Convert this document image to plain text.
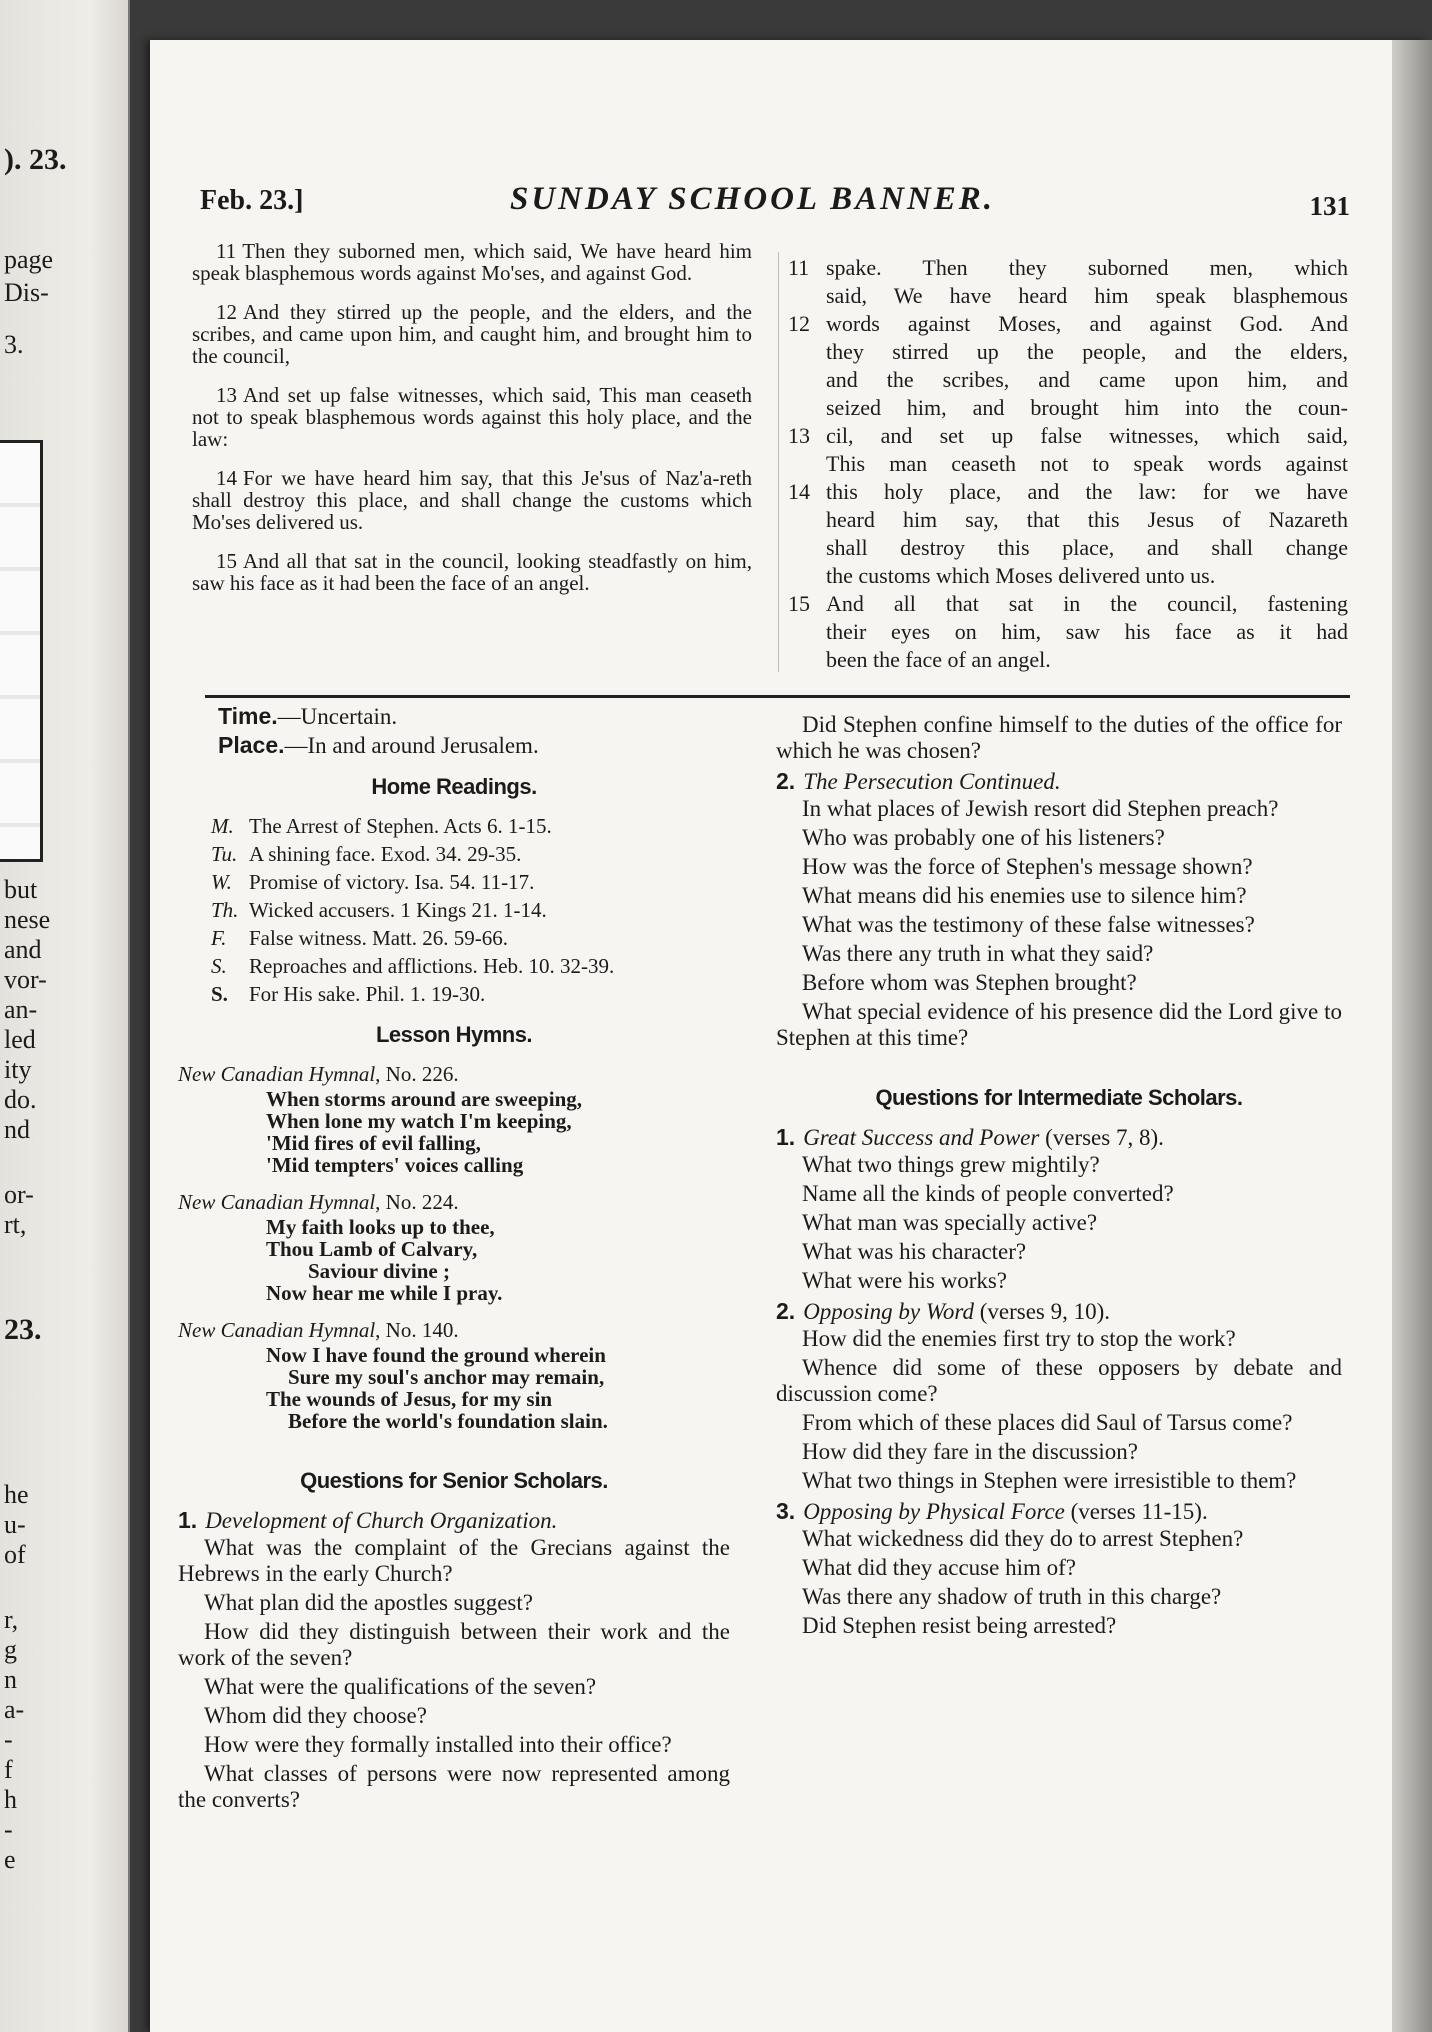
). 23.
page
Dis-
3.
but
nese
and
vor-
an-
led
ity
do.
nd
or-
rt,
23.
he
u-
of
r,
g
n
a-
-
f
h
-
e
Feb. 23.]	SUNDAY SCHOOL BANNER.	131

11 Then they suborned men, which said, We have heard him speak blasphemous words against Mo'ses, and against God.

12 And they stirred up the people, and the elders, and the scribes, and came upon him, and caught him, and brought him to the council,

13 And set up false witnesses, which said, This man ceaseth not to speak blasphemous words against this holy place, and the law:

14 For we have heard him say, that this Je'sus of Naz'a-reth shall destroy this place, and shall change the customs which Mo'ses delivered us.

15 And all that sat in the council, looking steadfastly on him, saw his face as it had been the face of an angel.

11 spake. Then they suborned men, which
said, We have heard him speak blasphemous
12 words against Moses, and against God. And
they stirred up the people, and the elders,
and the scribes, and came upon him, and
seized him, and brought him into the coun-
13 cil, and set up false witnesses, which said,
This man ceaseth not to speak words against
14 this holy place, and the law: for we have
heard him say, that this Jesus of Nazareth
shall destroy this place, and shall change
the customs which Moses delivered unto us.
15 And all that sat in the council, fastening
their eyes on him, saw his face as it had
been the face of an angel.
Time.—Uncertain.
Place.—In and around Jerusalem.
Home Readings.
M. The Arrest of Stephen. Acts 6. 1-15.
Tu. A shining face. Exod. 34. 29-35.
W. Promise of victory. Isa. 54. 11-17.
Th. Wicked accusers. 1 Kings 21. 1-14.
F. False witness. Matt. 26. 59-66.
S. Reproaches and afflictions. Heb. 10. 32-39.
S. For His sake. Phil. 1. 19-30.
Lesson Hymns.
New Canadian Hymnal, No. 226.
When storms around are sweeping,
When lone my watch I'm keeping,
'Mid fires of evil falling,
'Mid tempters' voices calling
New Canadian Hymnal, No. 224.
My faith looks up to thee,
Thou Lamb of Calvary,
Saviour divine ;
Now hear me while I pray.
New Canadian Hymnal, No. 140.
Now I have found the ground wherein
Sure my soul's anchor may remain,
The wounds of Jesus, for my sin
Before the world's foundation slain.
Questions for Senior Scholars.
1. Development of Church Organization.

What was the complaint of the Grecians against the Hebrews in the early Church?

What plan did the apostles suggest?

How did they distinguish between their work and the work of the seven?

What were the qualifications of the seven?

Whom did they choose?

How were they formally installed into their office?

What classes of persons were now represented among the converts?

Did Stephen confine himself to the duties of the office for which he was chosen?

2. The Persecution Continued.

In what places of Jewish resort did Stephen preach?

Who was probably one of his listeners?

How was the force of Stephen's message shown?

What means did his enemies use to silence him?

What was the testimony of these false witnesses?

Was there any truth in what they said?

Before whom was Stephen brought?

What special evidence of his presence did the Lord give to Stephen at this time?

Questions for Intermediate Scholars.
1. Great Success and Power (verses 7, 8).

What two things grew mightily?

Name all the kinds of people converted?

What man was specially active?

What was his character?

What were his works?

2. Opposing by Word (verses 9, 10).

How did the enemies first try to stop the work?

Whence did some of these opposers by debate and discussion come?

From which of these places did Saul of Tarsus come?

How did they fare in the discussion?

What two things in Stephen were irresistible to them?

3. Opposing by Physical Force (verses 11-15).

What wickedness did they do to arrest Stephen?

What did they accuse him of?

Was there any shadow of truth in this charge?

Did Stephen resist being arrested?
